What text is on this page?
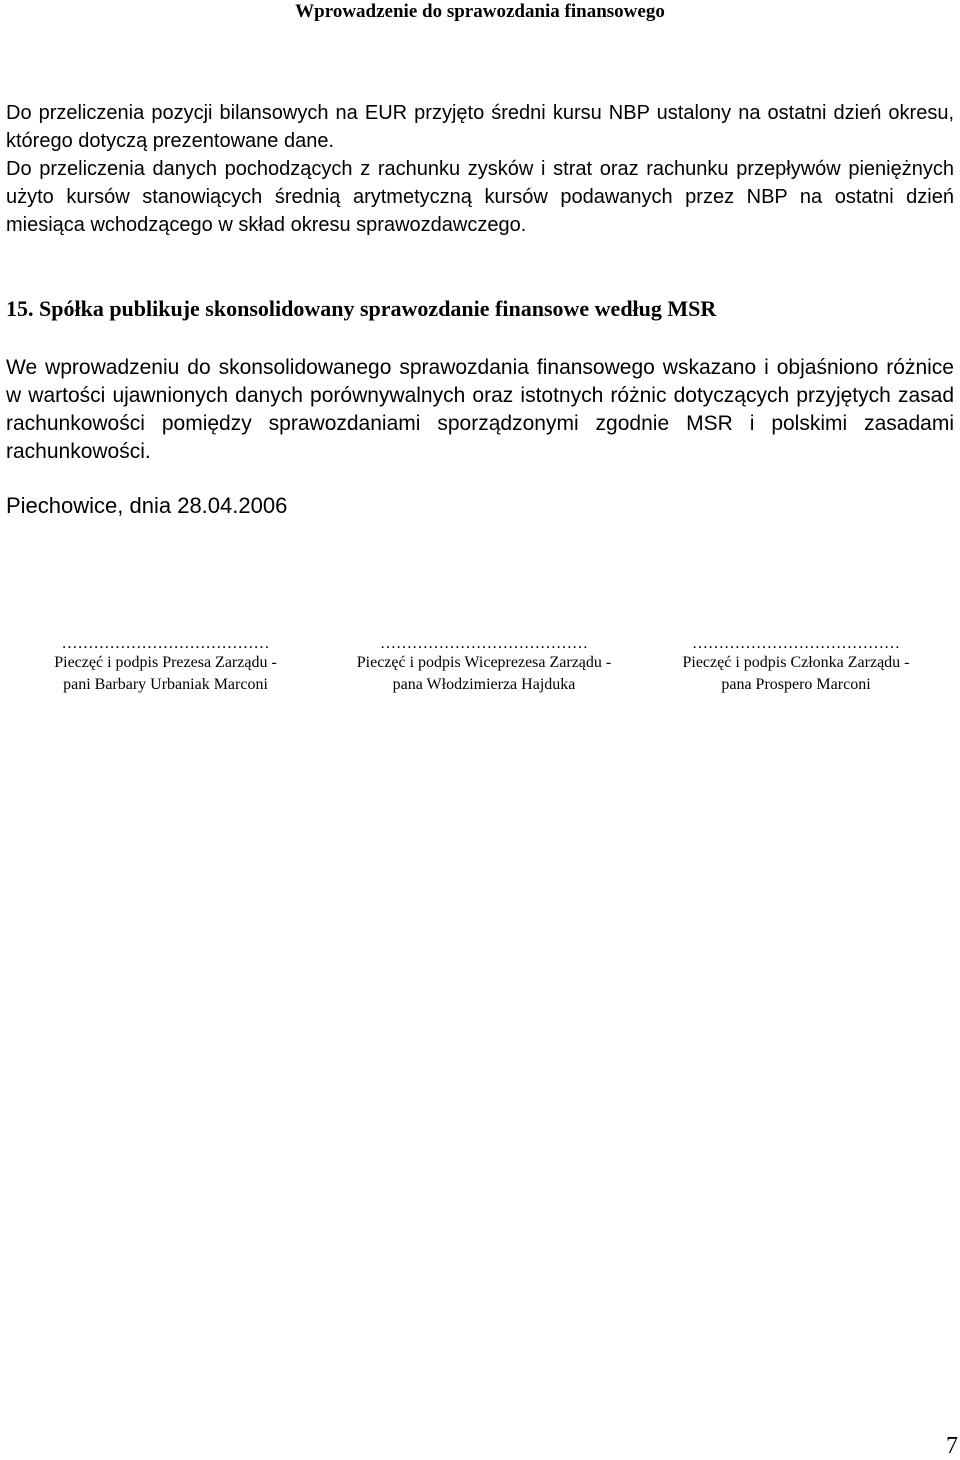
Wprowadzenie do sprawozdania finansowego

Do przeliczenia pozycji bilansowych na EUR przyjęto średni kursu NBP ustalony na ostatni dzień okresu, którego dotyczą prezentowane dane.

Do przeliczenia danych pochodzących z rachunku zysków i strat oraz rachunku przepływów pieniężnych użyto kursów stanowiących średnią arytmetyczną kursów podawanych przez NBP na ostatni dzień miesiąca wchodzącego w skład okresu sprawozdawczego.

15. Spółka publikuje skonsolidowany sprawozdanie finansowe według MSR

We wprowadzeniu do skonsolidowanego sprawozdania finansowego wskazano i objaśniono różnice w wartości ujawnionych danych porównywalnych oraz istotnych różnic dotyczących przyjętych zasad rachunkowości pomiędzy sprawozdaniami sporządzonymi zgodnie MSR i polskimi zasadami rachunkowości.

Piechowice, dnia 28.04.2006
…………………………………
Pieczęć i podpis Prezesa Zarządu -
pani Barbary Urbaniak Marconi
…………………………………
Pieczęć i podpis Wiceprezesa Zarządu -
pana Włodzimierza Hajduka
…………………………………
Pieczęć i podpis Członka Zarządu -
pana Prospero Marconi
7
